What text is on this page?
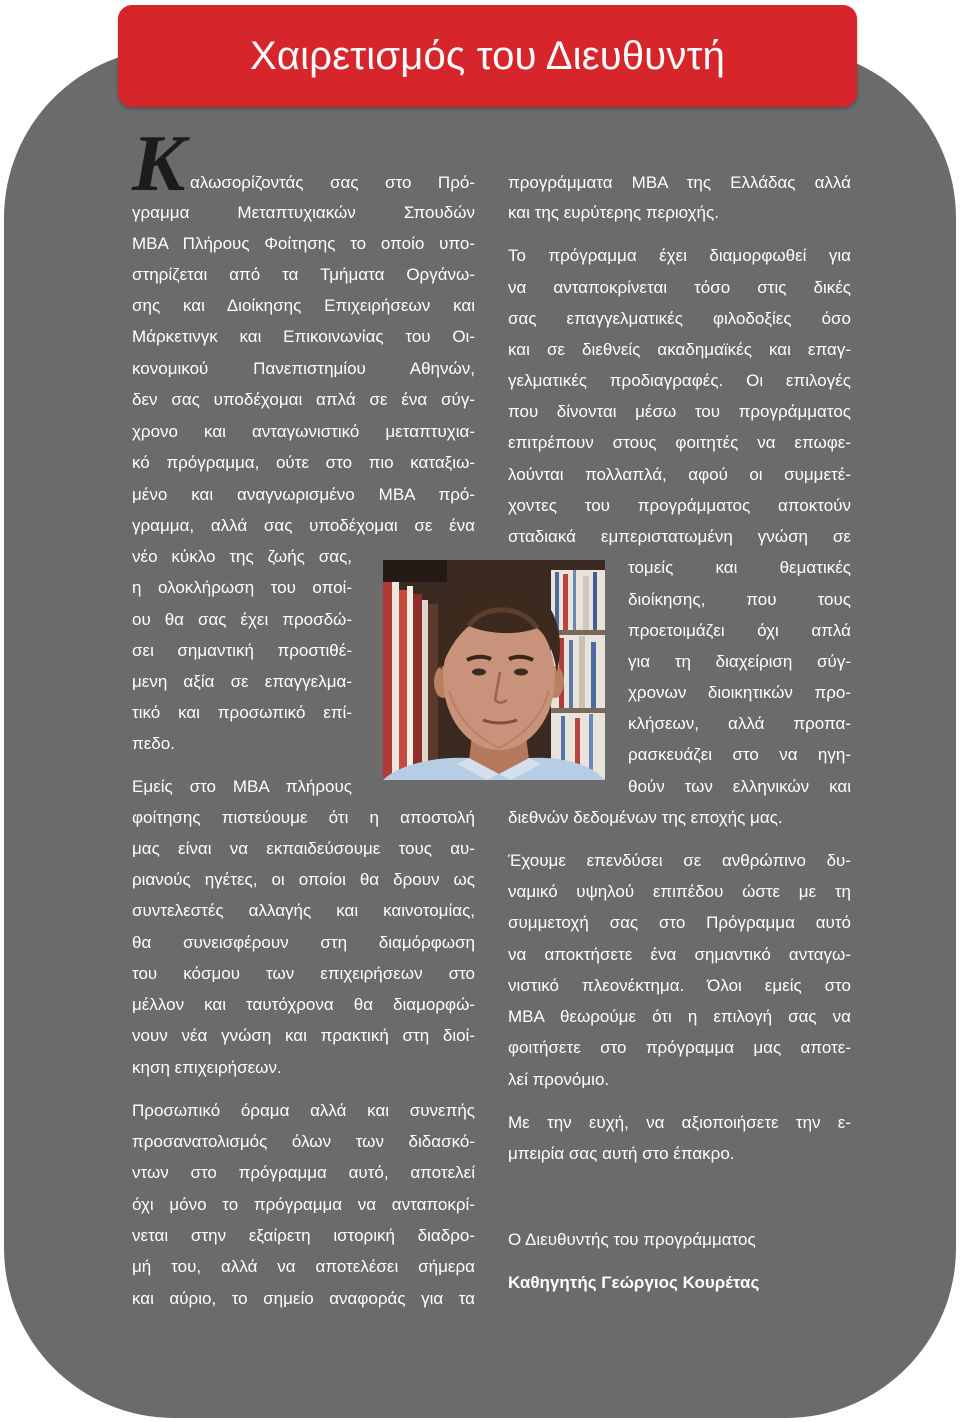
Χαιρετισμός του Διευθυντή
Κ αλωσορίζοντάς σας στο Πρό-
γραμμα Μεταπτυχιακών Σπουδών
MBA Πλήρους Φοίτησης το οποίο υπο-
στηρίζεται από τα Τμήματα Οργάνω-
σης και Διοίκησης Επιχειρήσεων και
Μάρκετινγκ και Επικοινωνίας του Οι-
κονομικού Πανεπιστημίου Αθηνών,
δεν σας υποδέχομαι απλά σε ένα σύγ-
χρονο και ανταγωνιστικό μεταπτυχια-
κό πρόγραμμα, ούτε στο πιο καταξιω-
μένο και αναγνωρισμένο MBA πρό-
γραμμα, αλλά σας υποδέχομαι σε ένα
νέο κύκλο της ζωής σας,
η ολοκλήρωση του οποί-
ου θα σας έχει προσδώ-
σει σημαντική προστιθέ-
μενη αξία σε επαγγελμα-
τικό και προσωπικό επί-
πεδο.
Εμείς στο MBA πλήρους
φοίτησης πιστεύουμε ότι η αποστολή
μας είναι να εκπαιδεύσουμε τους αυ-
ριανούς ηγέτες, οι οποίοι θα δρουν ως
συντελεστές αλλαγής και καινοτομίας,
θα συνεισφέρουν στη διαμόρφωση
του κόσμου των επιχειρήσεων στο
μέλλον και ταυτόχρονα θα διαμορφώ-
νουν νέα γνώση και πρακτική στη διοί-
κηση επιχειρήσεων.
Προσωπικό όραμα αλλά και συνεπής
προσανατολισμός όλων των διδασκό-
ντων στο πρόγραμμα αυτό, αποτελεί
όχι μόνο το πρόγραμμα να ανταποκρί-
νεται στην εξαίρετη ιστορική διαδρο-
μή του, αλλά να αποτελέσει σήμερα
και αύριο, το σημείο αναφοράς για τα
προγράμματα MBA της Ελλάδας αλλά
και της ευρύτερης περιοχής.
Το πρόγραμμα έχει διαμορφωθεί για
να ανταποκρίνεται τόσο στις δικές
σας επαγγελματικές φιλοδοξίες όσο
και σε διεθνείς ακαδημαϊκές και επαγ-
γελματικές προδιαγραφές. Οι επιλογές
που δίνονται μέσω του προγράμματος
επιτρέπουν στους φοιτητές να επωφε-
λούνται πολλαπλά, αφού οι συμμετέ-
χοντες του προγράμματος αποκτούν
σταδιακά εμπεριστατωμένη γνώση σε
τομείς και θεματικές
διοίκησης, που τους
προετοιμάζει όχι απλά
για τη διαχείριση σύγ-
χρονων διοικητικών προ-
κλήσεων, αλλά προπα-
ρασκευάζει στο να ηγη-
θούν των ελληνικών και
διεθνών δεδομένων της εποχής μας.
Έχουμε επενδύσει σε ανθρώπινο δυ-
ναμικό υψηλού επιπέδου ώστε με τη
συμμετοχή σας στο Πρόγραμμα αυτό
να αποκτήσετε ένα σημαντικό ανταγω-
νιστικό πλεονέκτημα. Όλοι εμείς στο
MBA θεωρούμε ότι η επιλογή σας να
φοιτήσετε στο πρόγραμμα μας αποτε-
λεί προνόμιο.
Με την ευχή, να αξιοποιήσετε την ε-
μπειρία σας αυτή στο έπακρο.
Ο Διευθυντής του προγράμματος
Καθηγητής Γεώργιος Κουρέτας
